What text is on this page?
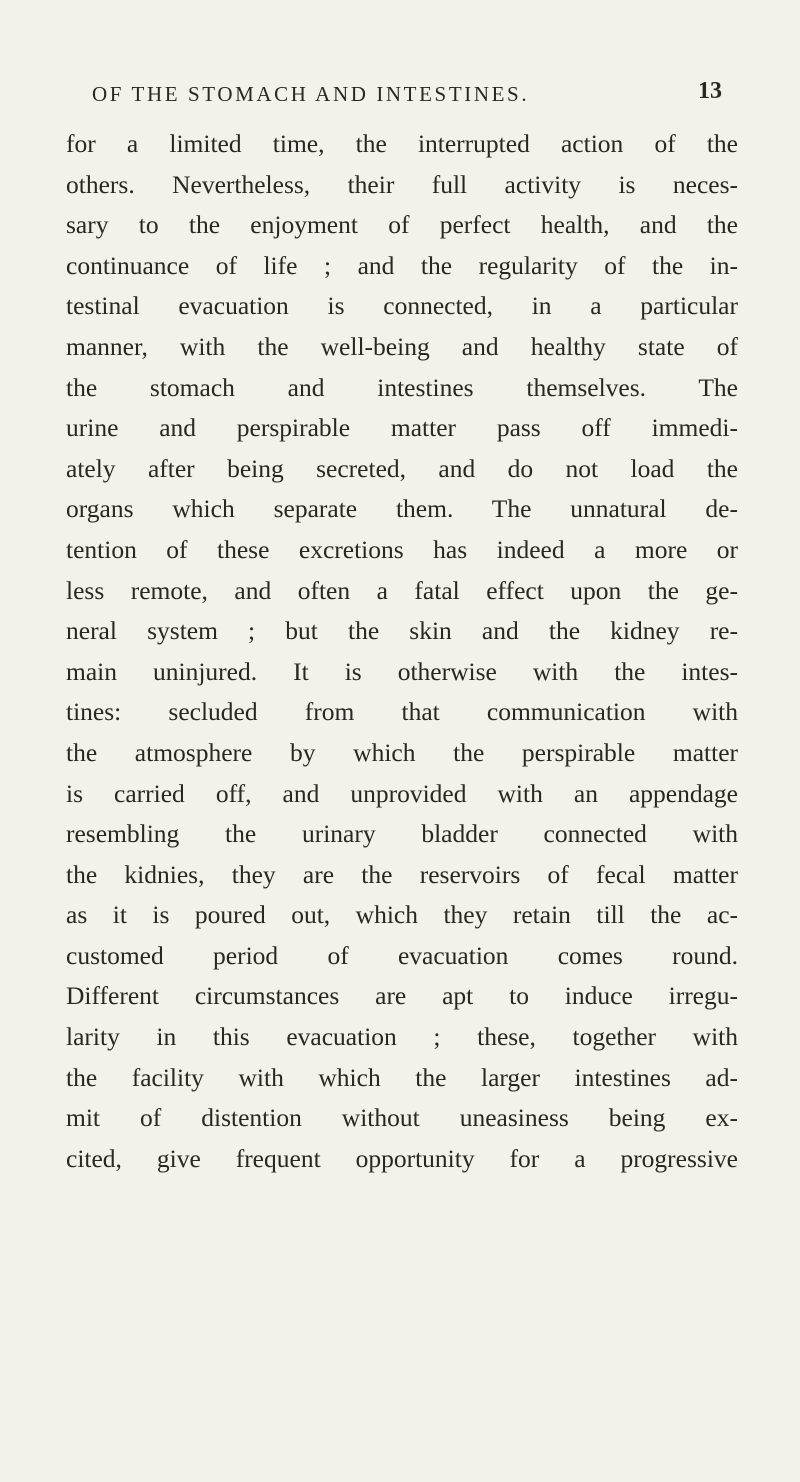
OF THE STOMACH AND INTESTINES.	13
for a limited time, the interrupted action of the
others. Nevertheless, their full activity is neces-
sary to the enjoyment of perfect health, and the
continuance of life ; and the regularity of the in-
testinal evacuation is connected, in a particular
manner, with the well-being and healthy state of
the stomach and intestines themselves. The
urine and perspirable matter pass off immedi-
ately after being secreted, and do not load the
organs which separate them. The unnatural de-
tention of these excretions has indeed a more or
less remote, and often a fatal effect upon the ge-
neral system ; but the skin and the kidney re-
main uninjured. It is otherwise with the intes-
tines: secluded from that communication with
the atmosphere by which the perspirable matter
is carried off, and unprovided with an appendage
resembling the urinary bladder connected with
the kidnies, they are the reservoirs of fecal matter
as it is poured out, which they retain till the ac-
customed period of evacuation comes round.
Different circumstances are apt to induce irregu-
larity in this evacuation ; these, together with
the facility with which the larger intestines ad-
mit of distention without uneasiness being ex-
cited, give frequent opportunity for a progressive
